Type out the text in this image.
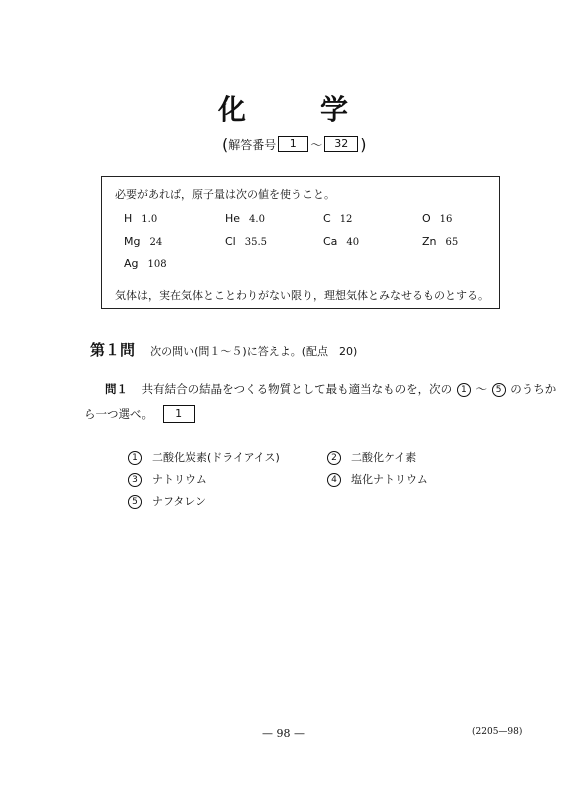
化	学
( 解答番号	1	～	32 )
必要があれば，原子量は次の値を使うこと。
H 1.0	He 4.0	C 12	O 16
Mg 24	Cl 35.5	Ca 40	Zn 65
Ag 108
気体は，実在気体とことわりがない限り，理想気体とみなせるものとする。
第１問 次の問い(問１～５)に答えよ。(配点　20)
問１ 共有結合の結晶をつくる物質として最も適当なものを，次の 1 ～ 5 のうちか
ら一つ選べ。 1
1 二酸化炭素(ドライアイス)	2 二酸化ケイ素
3 ナトリウム	4 塩化ナトリウム
5 ナフタレン
— 98 —	(2205—98)
